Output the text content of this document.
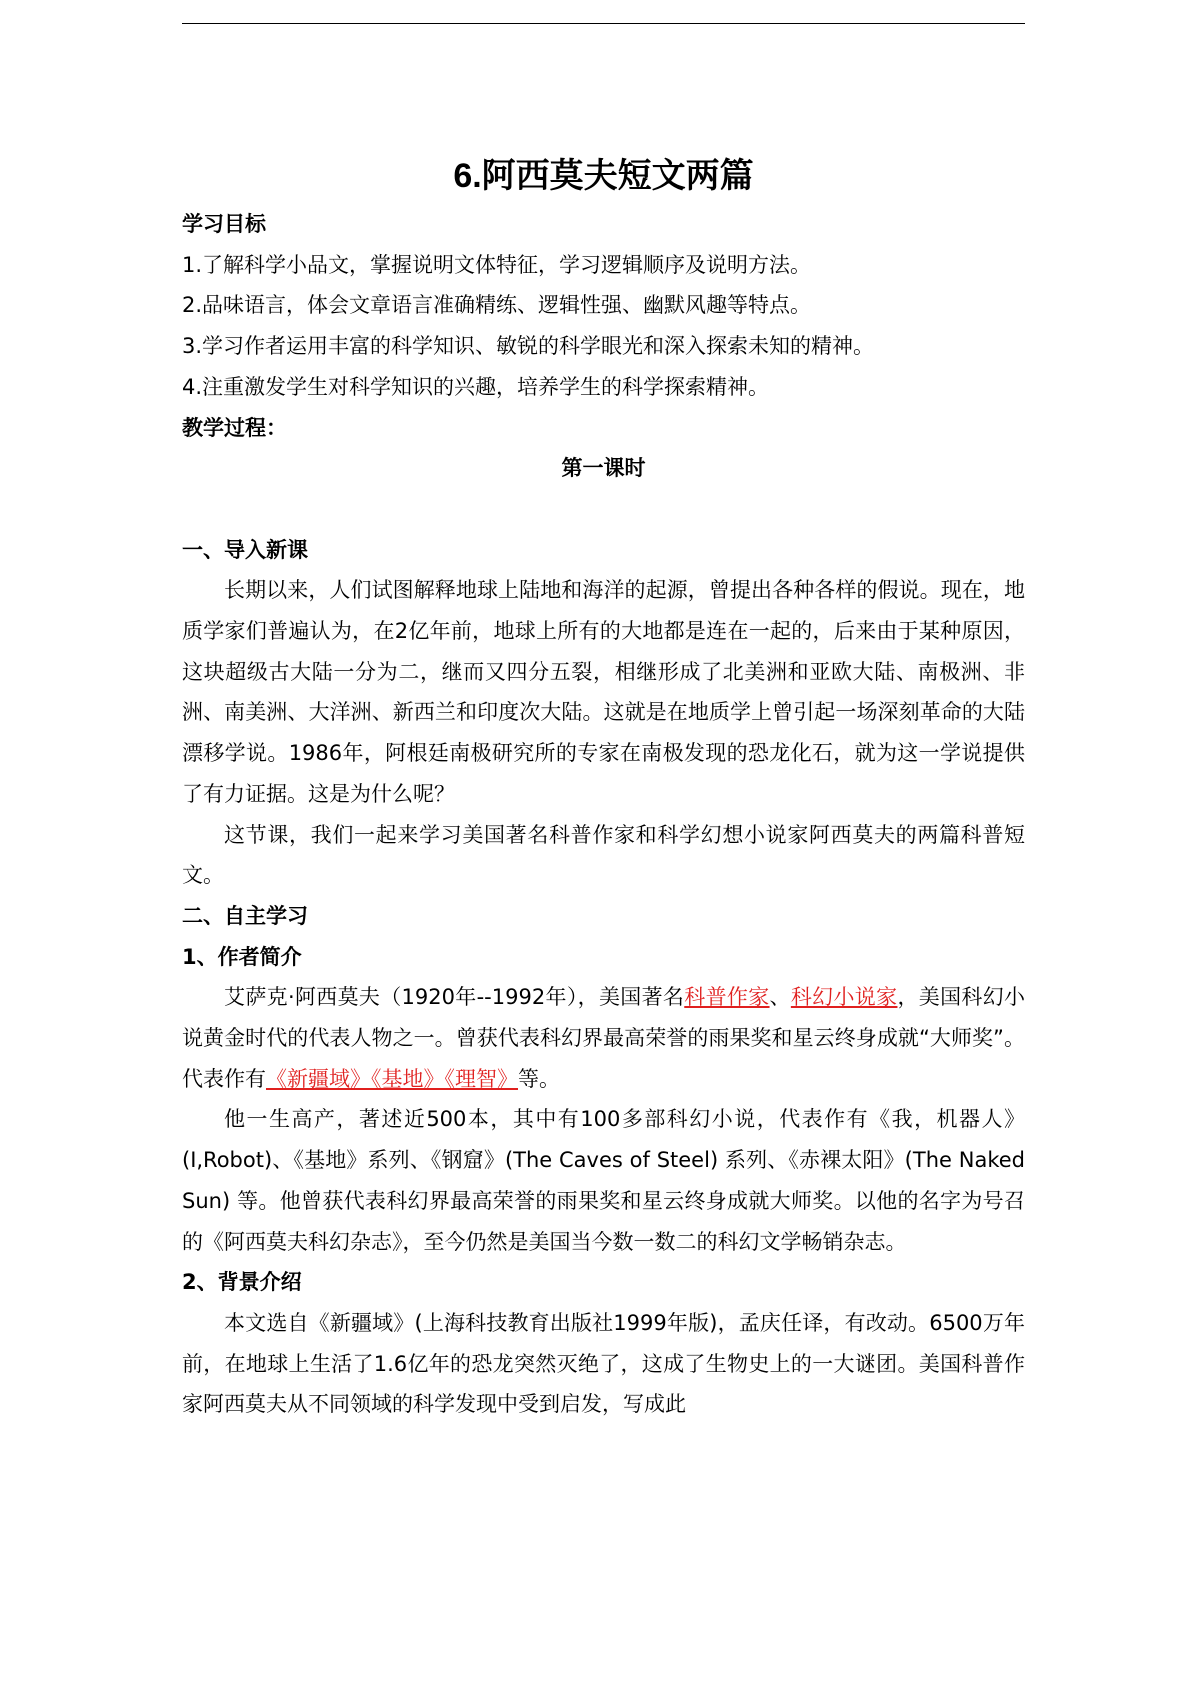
6.阿西莫夫短文两篇

学习目标

1.了解科学小品文，掌握说明文体特征，学习逻辑顺序及说明方法。

2.品味语言，体会文章语言准确精练、逻辑性强、幽默风趣等特点。

3.学习作者运用丰富的科学知识、敏锐的科学眼光和深入探索未知的精神。

4.注重激发学生对科学知识的兴趣，培养学生的科学探索精神。

教学过程：

第一课时

一、导入新课

长期以来，人们试图解释地球上陆地和海洋的起源，曾提出各种各样的假说。现在，地质学家们普遍认为，在2亿年前，地球上所有的大地都是连在一起的，后来由于某种原因，这块超级古大陆一分为二，继而又四分五裂，相继形成了北美洲和亚欧大陆、南极洲、非洲、南美洲、大洋洲、新西兰和印度次大陆。这就是在地质学上曾引起一场深刻革命的大陆漂移学说。1986年，阿根廷南极研究所的专家在南极发现的恐龙化石，就为这一学说提供了有力证据。这是为什么呢？

这节课，我们一起来学习美国著名科普作家和科学幻想小说家阿西莫夫的两篇科普短文。

二、自主学习

1、作者简介

艾萨克·阿西莫夫（1920年--1992年），美国著名科普作家、科幻小说家，美国科幻小说黄金时代的代表人物之一。曾获代表科幻界最高荣誉的雨果奖和星云终身成就“大师奖”。代表作有《新疆域》《基地》《理智》等。

他一生高产，著述近500本，其中有100多部科幻小说，代表作有《我，机器人》(I,Robot)、《基地》系列、《钢窟》(The Caves of Steel) 系列、《赤裸太阳》(The Naked Sun) 等。他曾获代表科幻界最高荣誉的雨果奖和星云终身成就大师奖。以他的名字为号召的《阿西莫夫科幻杂志》，至今仍然是美国当今数一数二的科幻文学畅销杂志。

2、背景介绍

本文选自《新疆域》(上海科技教育出版社1999年版)，孟庆任译，有改动。6500万年前，在地球上生活了1.6亿年的恐龙突然灭绝了，这成了生物史上的一大谜团。美国科普作家阿西莫夫从不同领域的科学发现中受到启发，写成此
